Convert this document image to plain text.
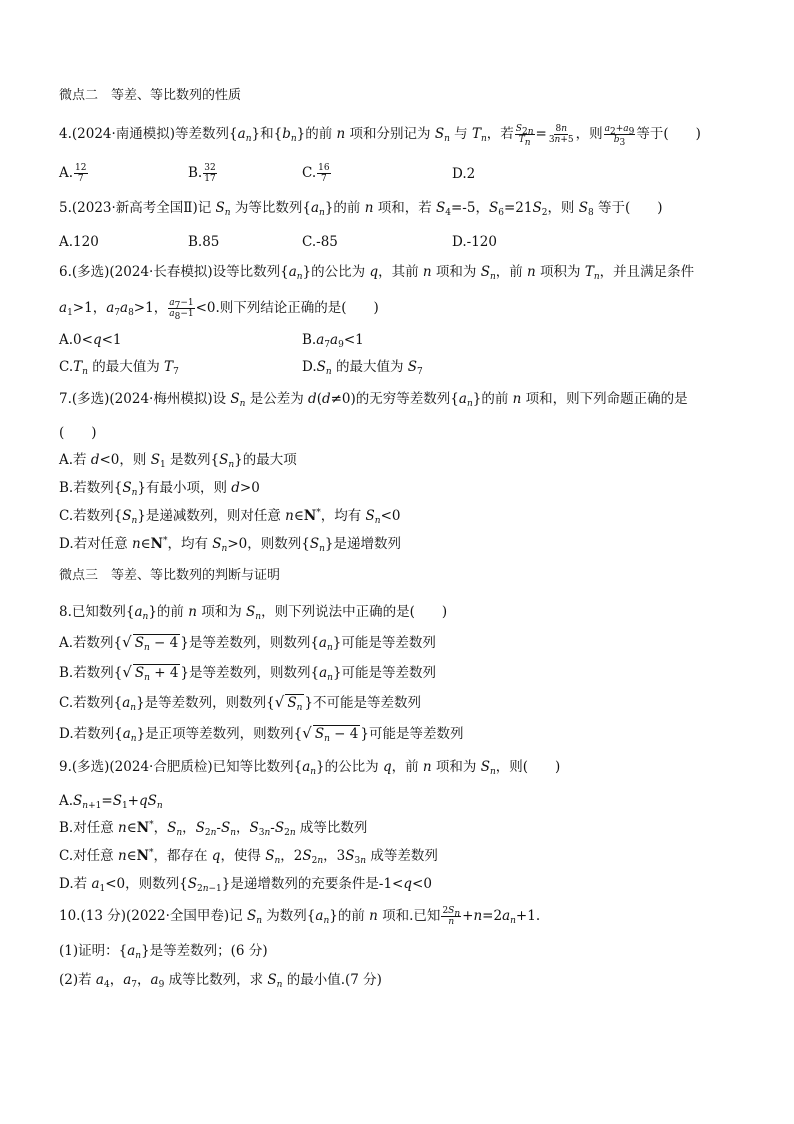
微点二　等差、等比数列的性质
4.(2024·南通模拟)等差数列$\{a_n\}$和$\{b_n\}$的前 n 项和分别记为 $S_n$ 与 $T_n$，若 $\frac{S_{2n}}{T_n} = \frac{8n}{3n+5}$ ，则 $\frac{a_2+a_9}{b_3}$ 等于(　　)
A. $\frac{12}{7}$	B. $\frac{32}{17}$	C. $\frac{16}{7}$	D.2
5.(2023·新高考全国Ⅱ)记 $S_n$ 为等比数列$\{a_n\}$的前 n 项和，若 $S_4=-5$，$S_6=21S_2$，则 $S_8$ 等于(　　)
A.120	B.85	C.-85	D.-120
6.(多选)(2024·长春模拟)设等比数列$\{a_n\}$的公比为 q，其前 n 项和为 $S_n$，前 n 项积为 $T_n$，并且满足条件
$a_1>1$，$a_7a_8>1$， $\frac{a_7-1}{a_8-1} <0$.则下列结论正确的是(　　)
A.0<q<1	$B.a_7a_9<1$
$C.T_n$ 的最大值为 $T_7$	$D.S_n$ 的最大值为 $S_7$
7.(多选)(2024·梅州模拟)设 $S_n$ 是公差为 d(d≠0)的无穷等差数列$\{a_n\}$的前 n 项和，则下列命题正确的是
(　　)
A.若 d<0，则 $S_1$ 是数列$\{S_n\}$的最大项
B.若数列$\{S_n\}$有最小项，则 d>0
C.若数列$\{S_n\}$是递减数列，则对任意 n∈N*，均有 $S_n<0$
D.若对任意 n∈N*，均有 $S_n>0$，则数列$\{S_n\}$是递增数列
微点三　等差、等比数列的判断与证明
8.已知数列$\{a_n\}$的前 n 项和为 $S_n$，则下列说法中正确的是(　　)
A.若数列{√ $S_n - 4$ }是等差数列，则数列$\{a_n\}$可能是等差数列
B.若数列{√ $S_n + 4$ }是等差数列，则数列$\{a_n\}$可能是等差数列
C.若数列$\{a_n\}$是等差数列，则数列{√ $S_n$ }不可能是等差数列
D.若数列$\{a_n\}$是正项等差数列，则数列{√ $S_n - 4$ }可能是等差数列
9.(多选)(2024·合肥质检)已知等比数列$\{a_n\}$的公比为 q，前 n 项和为 $S_n$，则(　　)
$A.S_{n+1}=S_1+qS_n$
B.对任意 n∈N*，$S_n$，$S_{2n}-S_n$，$S_{3n}-S_{2n}$ 成等比数列
C.对任意 n∈N*，都存在 q，使得 $S_n$，$2S_{2n}$，$3S_{3n}$ 成等差数列
D.若 $a_1<0$，则数列$\{S_{2n-1}\}$是递增数列的充要条件是-1<q<0
10.(13 分)(2022·全国甲卷)记 $S_n$ 为数列$\{a_n\}$的前 n 项和.已知 $\frac{2S_n}{n} +n=2a_n+1$.
(1)证明：$\{a_n\}$是等差数列；(6 分)
(2)若 $a_4$，$a_7$，$a_9$ 成等比数列，求 $S_n$ 的最小值.(7 分)
